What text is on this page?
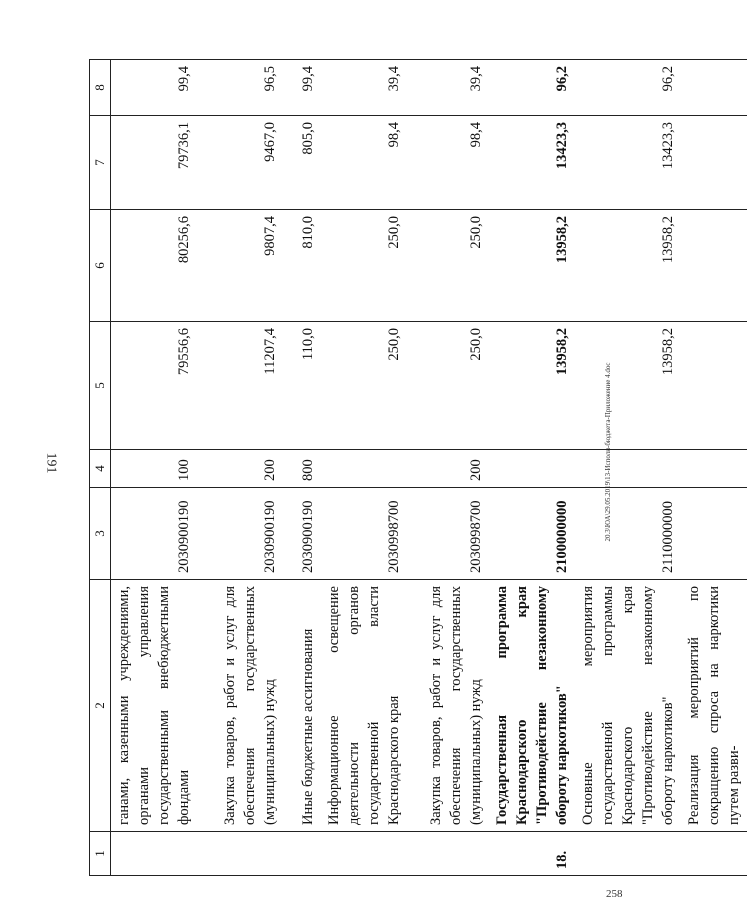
191
258
20.3\ЮА\29.05.2019\13-Исполн-бюджета-Приложение 4.doc
1	2	3	4	5	6	7	8
	ганами, казенными учреждениями, органами управления государственными внебюджетными фондами	2030900190	100	79556,6	80256,6	79736,1	99,4
	Закупка товаров, работ и услуг для обеспечения государственных (муниципальных) нужд	2030900190	200	11207,4	9807,4	9467,0	96,5
	Иные бюджетные ассигнования	2030900190	800	110,0	810,0	805,0	99,4
	Информационное освещение деятельности органов государственной власти Краснодарского края	2030998700		250,0	250,0	98,4	39,4
	Закупка товаров, работ и услуг для обеспечения государственных (муниципальных) нужд	2030998700	200	250,0	250,0	98,4	39,4
18.	Государственная программа Краснодарского края "Противодействие незаконному обороту наркотиков"	2100000000		13958,2	13958,2	13423,3	96,2
	Основные мероприятия государственной программы Краснодарского края "Противодействие незаконному обороту наркотиков"	2110000000		13958,2	13958,2	13423,3	96,2
	Реализация мероприятий по сокращению спроса на наркотики путем разви-						
